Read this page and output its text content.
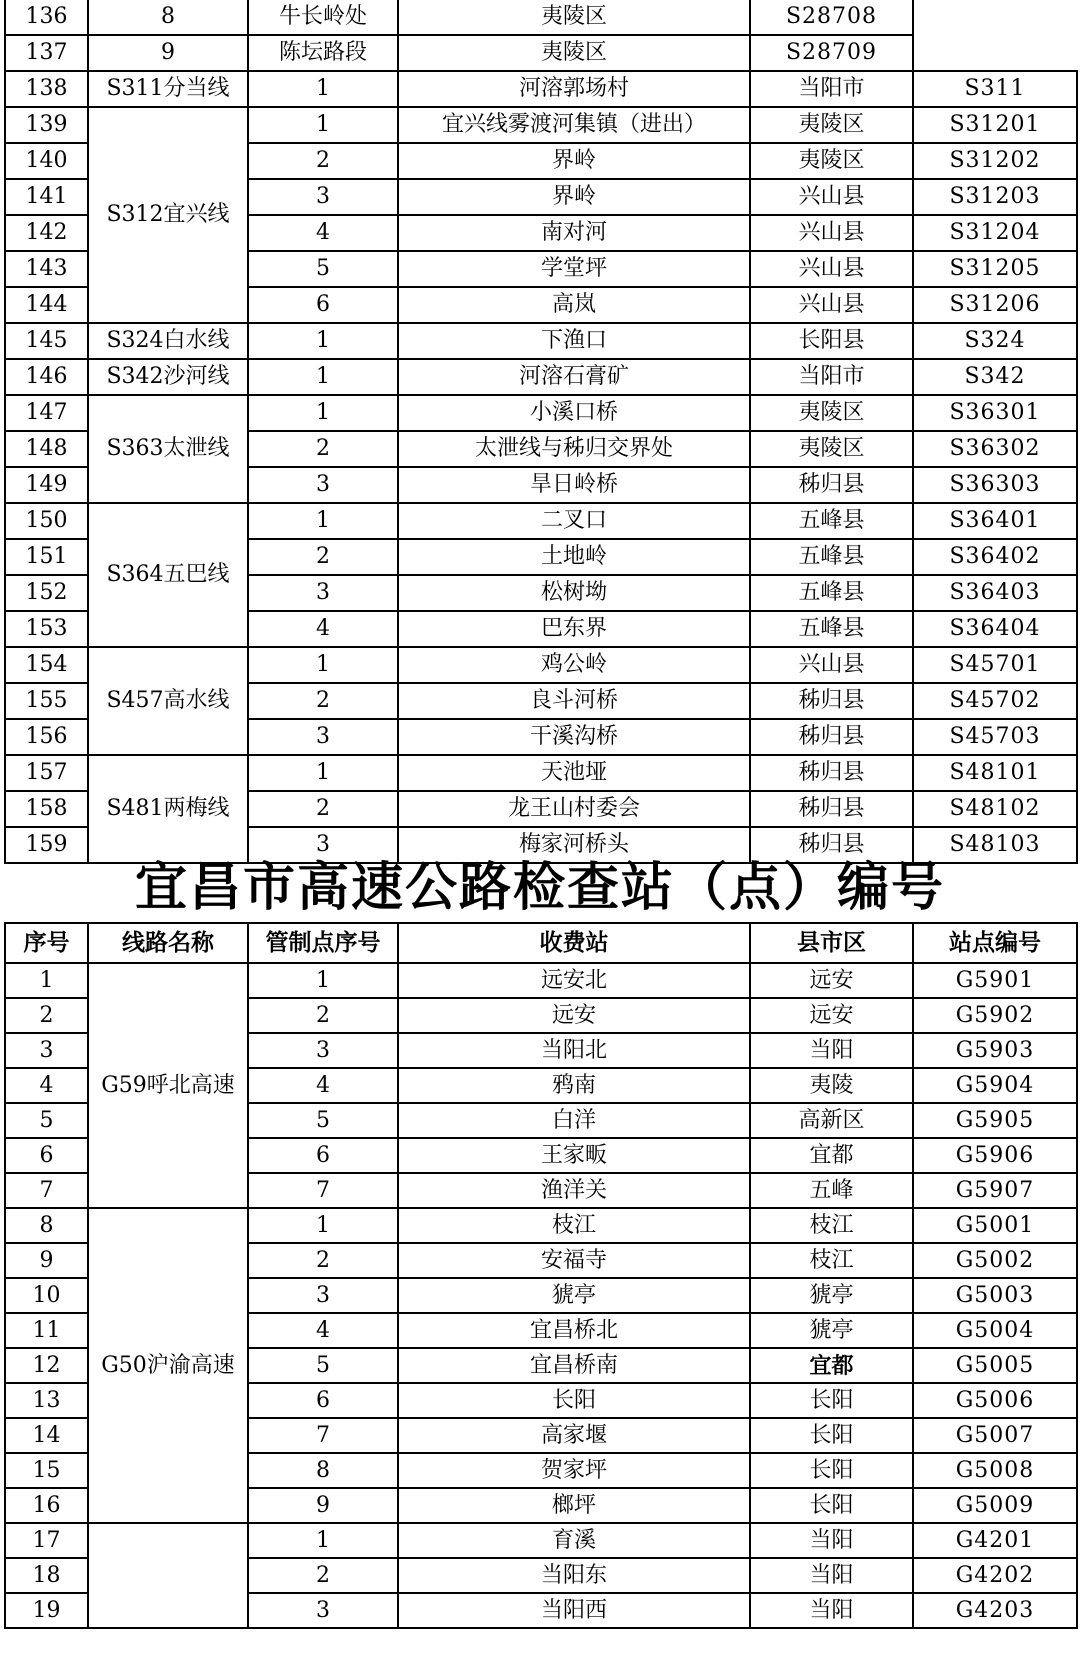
136	8	牛长岭处	夷陵区	S28708	
137	9	陈坛路段	夷陵区	S28709	
138	S311分当线	1	河溶郭场村	当阳市	S311
139	S312宜兴线	1	宜兴线雾渡河集镇（进出）	夷陵区	S31201
140		2	界岭	夷陵区	S31202
141		3	界岭	兴山县	S31203
142		4	南对河	兴山县	S31204
143		5	学堂坪	兴山县	S31205
144		6	高岚	兴山县	S31206
145	S324白水线	1	下渔口	长阳县	S324
146	S342沙河线	1	河溶石膏矿	当阳市	S342
147	S363太泄线	1	小溪口桥	夷陵区	S36301
148		2	太泄线与秭归交界处	夷陵区	S36302
149		3	旱日岭桥	秭归县	S36303
150	S364五巴线	1	二叉口	五峰县	S36401
151		2	土地岭	五峰县	S36402
152		3	松树坳	五峰县	S36403
153		4	巴东界	五峰县	S36404
154	S457高水线	1	鸡公岭	兴山县	S45701
155		2	良斗河桥	秭归县	S45702
156		3	干溪沟桥	秭归县	S45703
157	S481两梅线	1	天池垭	秭归县	S48101
158		2	龙王山村委会	秭归县	S48102
159		3	梅家河桥头	秭归县	S48103
宜昌市高速公路检查站（点）编号
序号	线路名称	管制点序号	收费站	县市区	站点编号
1	G59呼北高速	1	远安北	远安	G5901
2		2	远安	远安	G5902
3		3	当阳北	当阳	G5903
4		4	鸦南	夷陵	G5904
5		5	白洋	高新区	G5905
6		6	王家畈	宜都	G5906
7		7	渔洋关	五峰	G5907
8	G50沪渝高速	1	枝江	枝江	G5001
9		2	安福寺	枝江	G5002
10		3	猇亭	猇亭	G5003
11		4	宜昌桥北	猇亭	G5004
12		5	宜昌桥南	宜都	G5005
13		6	长阳	长阳	G5006
14		7	高家堰	长阳	G5007
15		8	贺家坪	长阳	G5008
16		9	榔坪	长阳	G5009
17		1	育溪	当阳	G4201
18		2	当阳东	当阳	G4202
19		3	当阳西	当阳	G4203
